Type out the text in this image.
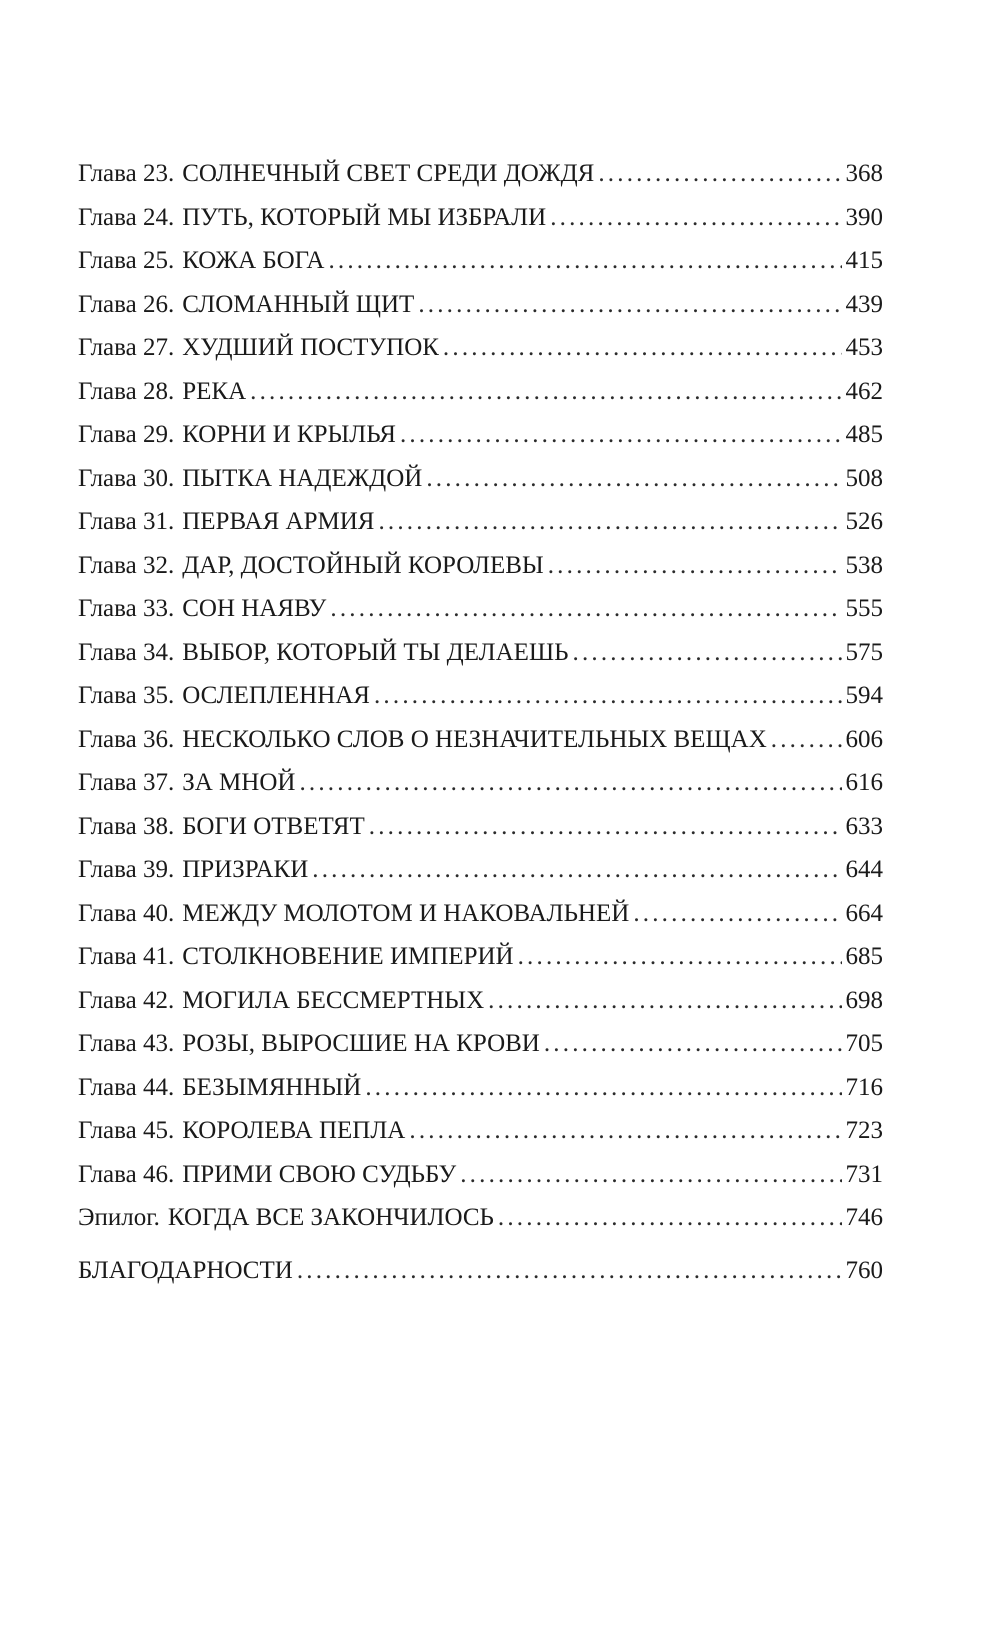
Глава 23. СОЛНЕЧНЫЙ СВЕТ СРЕДИ ДОЖДЯ .....	368
Глава 24. ПУТЬ, КОТОРЫЙ МЫ ИЗБРАЛИ .....	390
Глава 25. КОЖА БОГА .....	415
Глава 26. СЛОМАННЫЙ ЩИТ .....	439
Глава 27. ХУДШИЙ ПОСТУПОК .....	453
Глава 28. РЕКА .....	462
Глава 29. КОРНИ И КРЫЛЬЯ .....	485
Глава 30. ПЫТКА НАДЕЖДОЙ .....	508
Глава 31. ПЕРВАЯ АРМИЯ .....	526
Глава 32. ДАР, ДОСТОЙНЫЙ КОРОЛЕВЫ .....	538
Глава 33. СОН НАЯВУ .....	555
Глава 34. ВЫБОР, КОТОРЫЙ ТЫ ДЕЛАЕШЬ .....	575
Глава 35. ОСЛЕПЛЕННАЯ .....	594
Глава 36. НЕСКОЛЬКО СЛОВ О НЕЗНАЧИТЕЛЬНЫХ ВЕЩАХ .....	606
Глава 37. ЗА МНОЙ .....	616
Глава 38. БОГИ ОТВЕТЯТ .....	633
Глава 39. ПРИЗРАКИ .....	644
Глава 40. МЕЖДУ МОЛОТОМ И НАКОВАЛЬНЕЙ .....	664
Глава 41. СТОЛКНОВЕНИЕ ИМПЕРИЙ .....	685
Глава 42. МОГИЛА БЕССМЕРТНЫХ .....	698
Глава 43. РОЗЫ, ВЫРОСШИЕ НА КРОВИ .....	705
Глава 44. БЕЗЫМЯННЫЙ .....	716
Глава 45. КОРОЛЕВА ПЕПЛА .....	723
Глава 46. ПРИМИ СВОЮ СУДЬБУ .....	731
Эпилог. КОГДА ВСЕ ЗАКОНЧИЛОСЬ .....	746
БЛАГОДАРНОСТИ .....	760
